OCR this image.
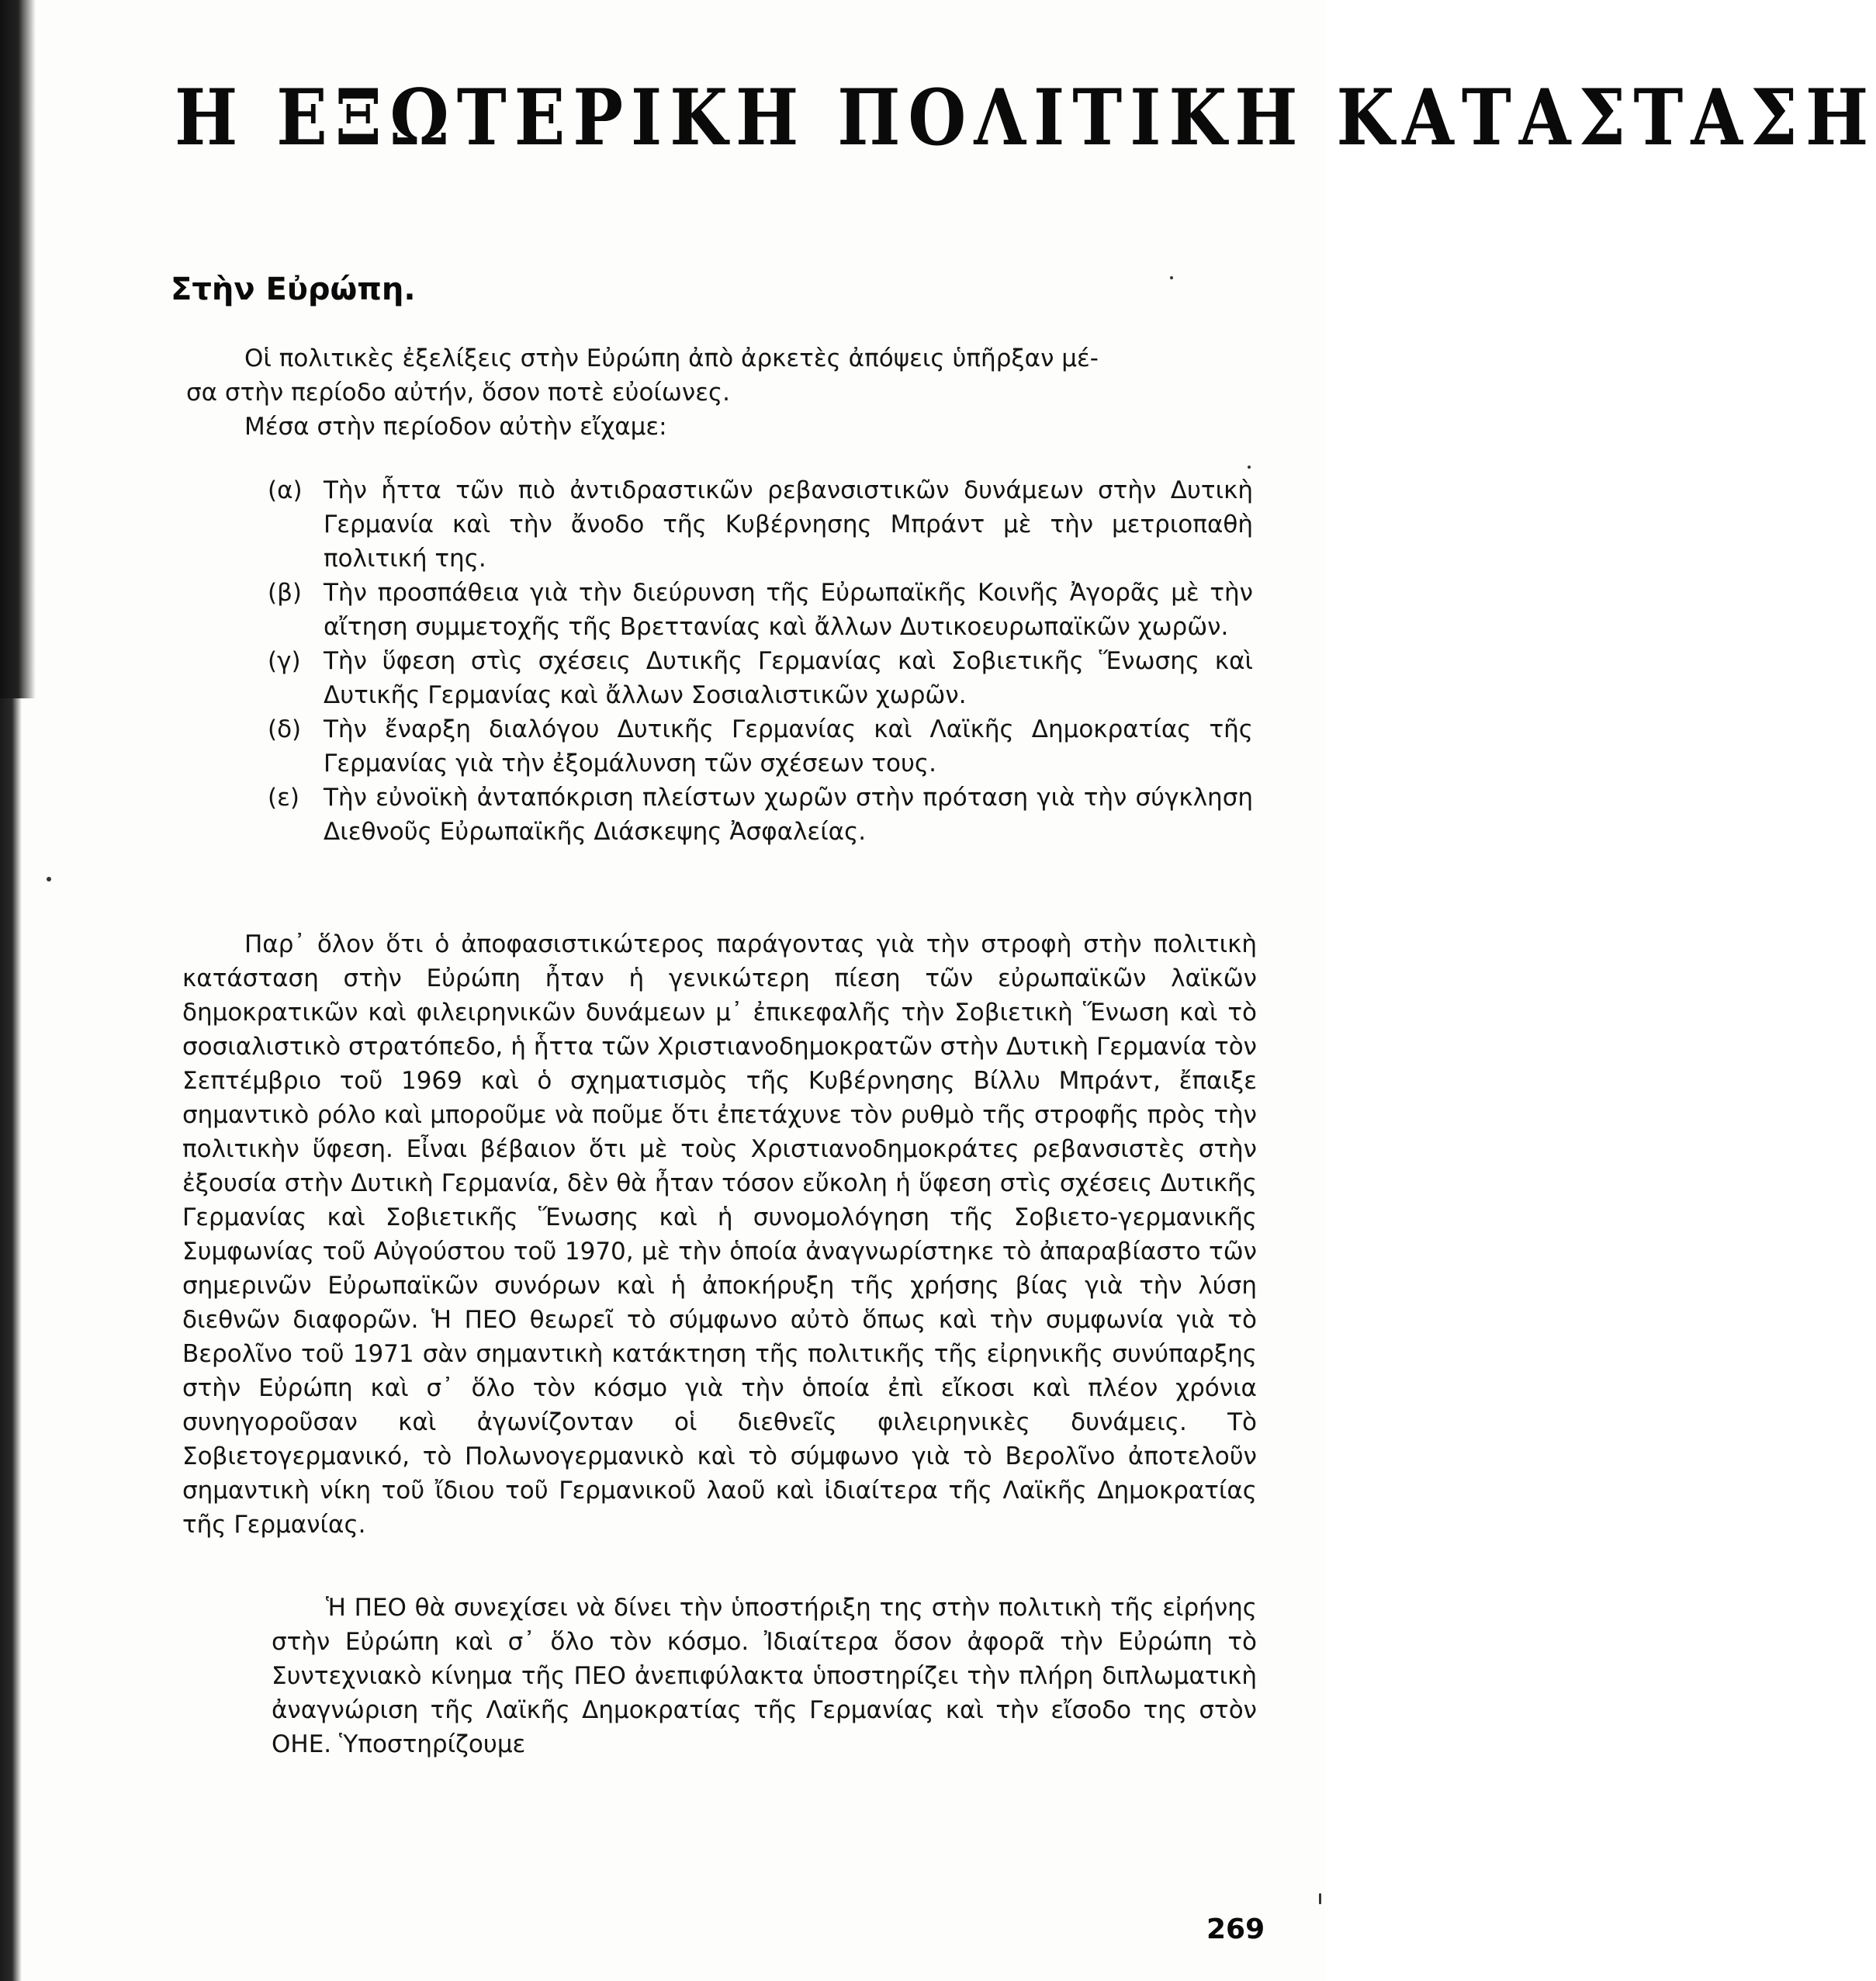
Η ΕΞΩΤΕΡΙΚΗ ΠΟΛΙΤΙΚΗ ΚΑΤΑΣΤΑΣΗ
Στὴν Εὐρώπη.

Οἱ πολιτικὲς ἐξελίξεις στὴν Εὐρώπη ἀπὸ ἀρκετὲς ἀπόψεις ὑπῆρξαν μέ-

σα στὴν περίοδο αὐτήν, ὅσον ποτὲ εὐοίωνες.

Μέσα στὴν περίοδον αὐτὴν εἴχαμε:

(α) Τὴν ἧττα τῶν πιὸ ἀντιδραστικῶν ρεβανσιστικῶν δυνάμεων στὴν Δυτικὴ Γερμανία καὶ τὴν ἄνοδο τῆς Κυβέρνησης Μπράντ μὲ τὴν μετριοπαθὴ πολιτική της.
(β) Τὴν προσπάθεια γιὰ τὴν διεύρυνση τῆς Εὐρωπαϊκῆς Κοινῆς Ἀγορᾶς μὲ τὴν αἴτηση συμμετοχῆς τῆς Βρεττανίας καὶ ἄλλων Δυτικοευρωπαϊκῶν χωρῶν.
(γ) Τὴν ὕφεση στὶς σχέσεις Δυτικῆς Γερμανίας καὶ Σοβιετικῆς Ἕνωσης καὶ Δυτικῆς Γερμανίας καὶ ἄλλων Σοσιαλιστικῶν χωρῶν.
(δ) Τὴν ἔναρξη διαλόγου Δυτικῆς Γερμανίας καὶ Λαϊκῆς Δημοκρατίας τῆς Γερμανίας γιὰ τὴν ἐξομάλυνση τῶν σχέσεων τους.
(ε) Τὴν εὐνοϊκὴ ἀνταπόκριση πλείστων χωρῶν στὴν πρόταση γιὰ τὴν σύγκληση Διεθνοῦς Εὐρωπαϊκῆς Διάσκεψης Ἀσφαλείας.

Παρ᾿ ὅλον ὅτι ὁ ἀποφασιστικώτερος παράγοντας γιὰ τὴν στροφὴ στὴν πολιτικὴ κατάσταση στὴν Εὐρώπη ἦταν ἡ γενικώτερη πίεση τῶν εὐρωπαϊκῶν λαϊκῶν δημοκρατικῶν καὶ φιλειρηνικῶν δυνάμεων μ᾿ ἐπικεφαλῆς τὴν Σοβιετικὴ Ἕνωση καὶ τὸ σοσιαλιστικὸ στρατόπεδο, ἡ ἧττα τῶν Χριστιανοδημοκρατῶν στὴν Δυτικὴ Γερμανία τὸν Σεπτέμβριο τοῦ 1969 καὶ ὁ σχηματισμὸς τῆς Κυβέρνησης Βίλλυ Μπράντ, ἔπαιξε σημαντικὸ ρόλο καὶ μποροῦμε νὰ ποῦμε ὅτι ἐπετάχυνε τὸν ρυθμὸ τῆς στροφῆς πρὸς τὴν πολιτικὴν ὕφεση. Εἶναι βέβαιον ὅτι μὲ τοὺς Χριστιανοδημοκράτες ρεβανσιστὲς στὴν ἐξουσία στὴν Δυτικὴ Γερμανία, δὲν θὰ ἦταν τόσον εὔκολη ἡ ὕφεση στὶς σχέσεις Δυτικῆς Γερμανίας καὶ Σοβιετικῆς Ἕνωσης καὶ ἡ συνομολόγηση τῆς Σοβιετο-γερμανικῆς Συμφωνίας τοῦ Αὐγούστου τοῦ 1970, μὲ τὴν ὁποία ἀναγνωρίστηκε τὸ ἀπαραβίαστο τῶν σημερινῶν Εὐρωπαϊκῶν συνόρων καὶ ἡ ἀποκήρυξη τῆς χρήσης βίας γιὰ τὴν λύση διεθνῶν διαφορῶν. Ἡ ΠΕΟ θεωρεῖ τὸ σύμφωνο αὐτὸ ὅπως καὶ τὴν συμφωνία γιὰ τὸ Βερολῖνο τοῦ 1971 σὰν σημαντικὴ κατάκτηση τῆς πολιτικῆς τῆς εἰρηνικῆς συνύπαρξης στὴν Εὐρώπη καὶ σ᾿ ὅλο τὸν κόσμο γιὰ τὴν ὁποία ἐπὶ εἴκοσι καὶ πλέον χρόνια συνηγοροῦσαν καὶ ἀγωνίζονταν οἱ διεθνεῖς φιλειρηνικὲς δυνάμεις. Τὸ Σοβιετογερμανικό, τὸ Πολωνογερμανικὸ καὶ τὸ σύμφωνο γιὰ τὸ Βερολῖνο ἀποτελοῦν σημαντικὴ νίκη τοῦ ἴδιου τοῦ Γερμανικοῦ λαοῦ καὶ ἰδιαίτερα τῆς Λαϊκῆς Δημοκρατίας τῆς Γερμανίας.

Ἡ ΠΕΟ θὰ συνεχίσει νὰ δίνει τὴν ὑποστήριξη της στὴν πολιτικὴ τῆς εἰρήνης στὴν Εὐρώπη καὶ σ᾿ ὅλο τὸν κόσμο. Ἰδιαίτερα ὅσον ἀφορᾶ τὴν Εὐρώπη τὸ Συντεχνιακὸ κίνημα τῆς ΠΕΟ ἀνεπιφύλακτα ὑποστηρίζει τὴν πλήρη διπλωματικὴ ἀναγνώριση τῆς Λαϊκῆς Δημοκρατίας τῆς Γερμανίας καὶ τὴν εἴσοδο της στὸν ΟΗΕ. Ὑποστηρίζουμε

269
